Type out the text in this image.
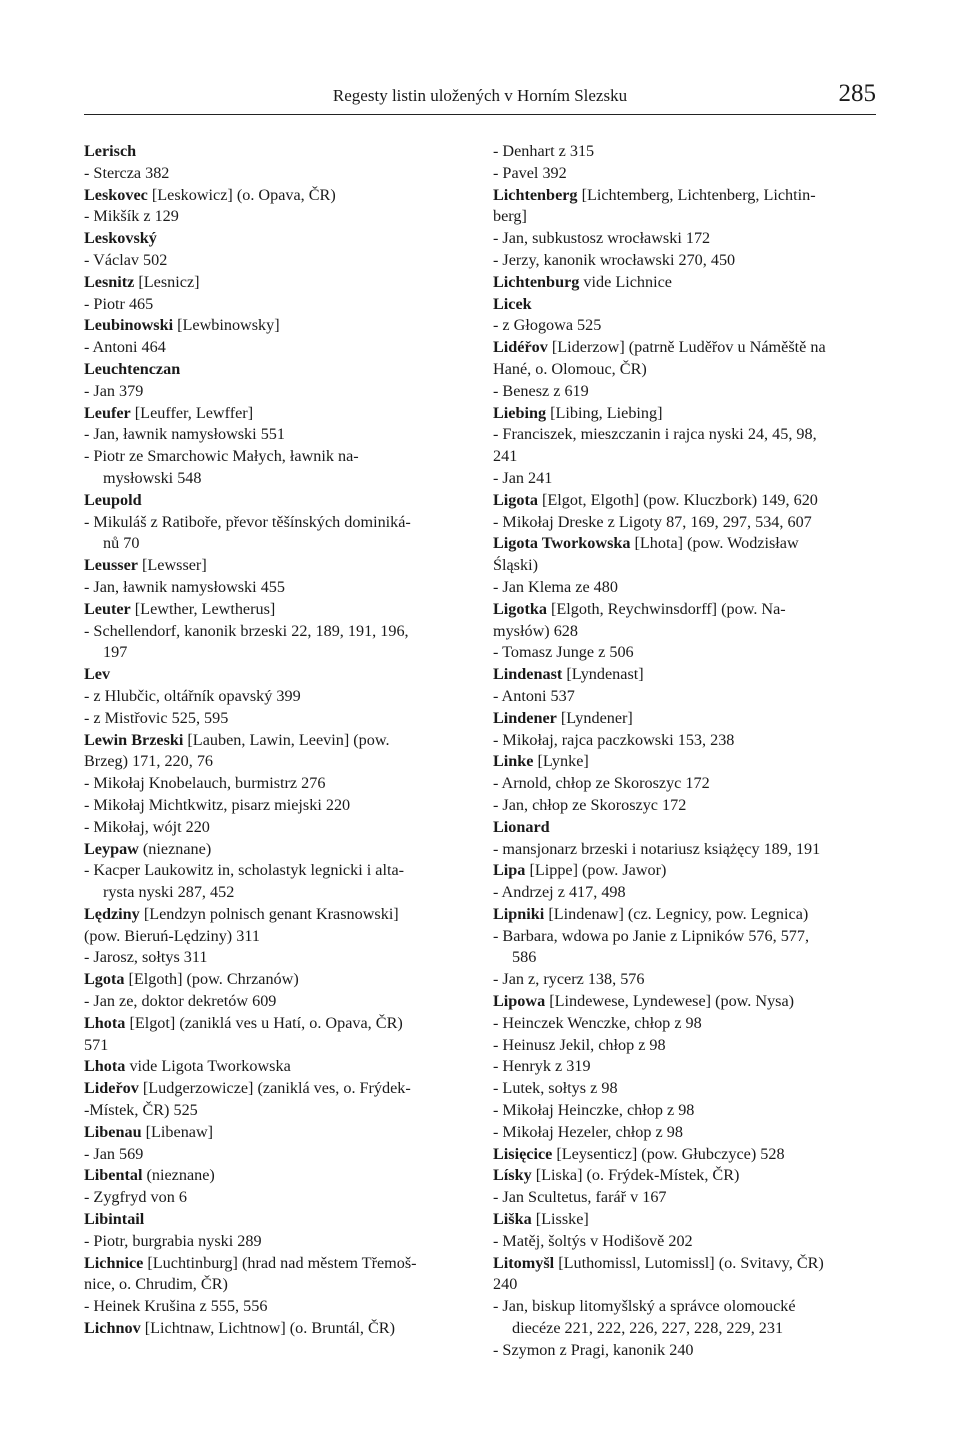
Regesty listin uložených v Horním Slezsku	285
Lerisch
- Stercza 382
Leskovec [Leskowicz] (o. Opava, ČR)
- Mikšík z 129
Leskovský
- Václav 502
Lesnitz [Lesnicz]
- Piotr 465
Leubinowski [Lewbinowsky]
- Antoni 464
Leuchtenczan
- Jan 379
Leufer [Leuffer, Lewffer]
- Jan, ławnik namysłowski 551
- Piotr ze Smarchowic Małych, ławnik na-
mysłowski 548
Leupold
- Mikuláš z Ratiboře, převor těšínských dominiká-
nů 70
Leusser [Lewsser]
- Jan, ławnik namysłowski 455
Leuter [Lewther, Lewtherus]
- Schellendorf, kanonik brzeski 22, 189, 191, 196,
197
Lev
- z Hlubčic, oltářník opavský 399
- z Mistřovic 525, 595
Lewin Brzeski [Lauben, Lawin, Leevin] (pow.
Brzeg) 171, 220, 76
- Mikołaj Knobelauch, burmistrz 276
- Mikołaj Michtkwitz, pisarz miejski 220
- Mikołaj, wójt 220
Leypaw (nieznane)
- Kacper Laukowitz in, scholastyk legnicki i alta-
rysta nyski 287, 452
Lędziny [Lendzyn polnisch genant Krasnowski]
(pow. Bieruń-Lędziny) 311
- Jarosz, sołtys 311
Lgota [Elgoth] (pow. Chrzanów)
- Jan ze, doktor dekretów 609
Lhota [Elgot] (zaniklá ves u Hatí, o. Opava, ČR)
571
Lhota vide Ligota Tworkowska
Lideřov [Ludgerzowicze] (zaniklá ves, o. Frýdek-
-Místek, ČR) 525
Libenau [Libenaw]
- Jan 569
Libental (nieznane)
- Zygfryd von 6
Libintail
- Piotr, burgrabia nyski 289
Lichnice [Luchtinburg] (hrad nad městem Třemoš-
nice, o. Chrudim, ČR)
- Heinek Krušina z 555, 556
Lichnov [Lichtnaw, Lichtnow] (o. Bruntál, ČR)
- Denhart z 315
- Pavel 392
Lichtenberg [Lichtemberg, Lichtenberg, Lichtin-
berg]
- Jan, subkustosz wrocławski 172
- Jerzy, kanonik wrocławski 270, 450
Lichtenburg vide Lichnice
Licek
- z Głogowa 525
Lidéřov [Liderzow] (patrně Luděřov u Náměště na
Hané, o. Olomouc, ČR)
- Benesz z 619
Liebing [Libing, Liebing]
- Franciszek, mieszczanin i rajca nyski 24, 45, 98,
241
- Jan 241
Ligota [Elgot, Elgoth] (pow. Kluczbork) 149, 620
- Mikołaj Dreske z Ligoty 87, 169, 297, 534, 607
Ligota Tworkowska [Lhota] (pow. Wodzisław
Śląski)
- Jan Klema ze 480
Ligotka [Elgoth, Reychwinsdorff] (pow. Na-
mysłów) 628
- Tomasz Junge z 506
Lindenast [Lyndenast]
- Antoni 537
Lindener [Lyndener]
- Mikołaj, rajca paczkowski 153, 238
Linke [Lynke]
- Arnold, chłop ze Skoroszyc 172
- Jan, chłop ze Skoroszyc 172
Lionard
- mansjonarz brzeski i notariusz książęcy 189, 191
Lipa [Lippe] (pow. Jawor)
- Andrzej z 417, 498
Lipniki [Lindenaw] (cz. Legnicy, pow. Legnica)
- Barbara, wdowa po Janie z Lipników 576, 577,
586
- Jan z, rycerz 138, 576
Lipowa [Lindewese, Lyndewese] (pow. Nysa)
- Heinczek Wenczke, chłop z 98
- Heinusz Jekil, chłop z 98
- Henryk z 319
- Lutek, sołtys z 98
- Mikołaj Heinczke, chłop z 98
- Mikołaj Hezeler, chłop z 98
Lisięcice [Leysenticz] (pow. Głubczyce) 528
Lísky [Liska] (o. Frýdek-Místek, ČR)
- Jan Scultetus, farář v 167
Liška [Lisske]
- Matěj, šoltýs v Hodišově 202
Litomyšl [Luthomissl, Lutomissl] (o. Svitavy, ČR)
240
- Jan, biskup litomyšlský a správce olomoucké
diecéze 221, 222, 226, 227, 228, 229, 231
- Szymon z Pragi, kanonik 240
